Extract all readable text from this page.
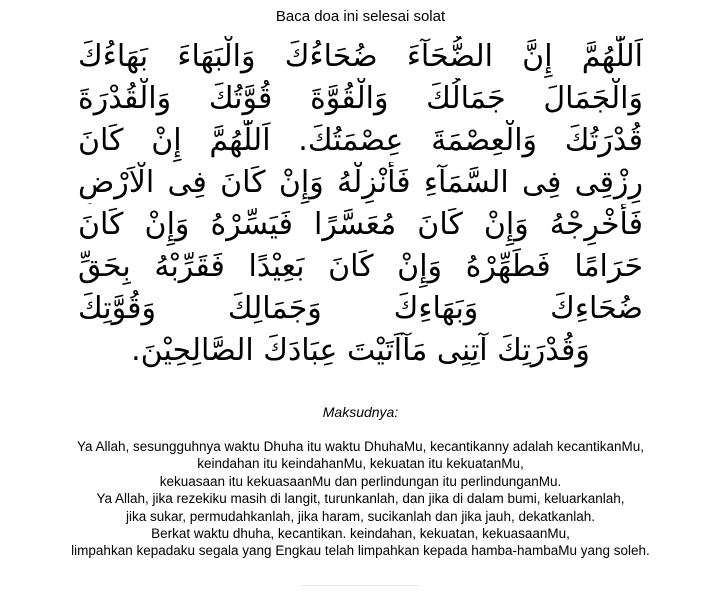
Baca doa ini selesai solat
اَللّٰهُمَّ إِنَّ الضُّحَآءَ ضُحَاءُكَ وَالْبَهَاءَ بَهَاءُكَ
وَالْجَمَالَ جَمَالُكَ وَالْقُوَّةَ قُوَّتُكَ وَالْقُدْرَةَ
قُدْرَتُكَ وَالْعِصْمَةَ عِصْمَتُكَ. اَللّٰهُمَّ إِنْ كَانَ
رِزْقِى فِى السَّمَآءِ فَأَنْزِلْهُ وَإِنْ كَانَ فِى الْاَرْضِ
فَأَخْرِجْهُ وَإِنْ كَانَ مُعَسَّرًا فَيَسِّرْهُ وَإِنْ كَانَ
حَرَامًا فَطَهِّرْهُ وَإِنْ كَانَ بَعِيْدًا فَقَرِّبْهُ بِحَقِّ
ضُحَاءِكَ وَبَهَاءِكَ وَجَمَالِكَ وَقُوَّتِكَ
وَقُدْرَتِكَ آتِنِى مَآاَتَيْتَ عِبَادَكَ الصَّالِحِيْنَ.
Maksudnya:
Ya Allah, sesungguhnya waktu Dhuha itu waktu DhuhaMu, kecantikanny adalah kecantikanMu,
keindahan itu keindahanMu, kekuatan itu kekuatanMu,
kekuasaan itu kekuasaanMu dan perlindungan itu perlindunganMu.
Ya Allah, jika rezekiku masih di langit, turunkanlah, dan jika di dalam bumi, keluarkanlah,
jika sukar, permudahkanlah, jika haram, sucikanlah dan jika jauh, dekatkanlah.
Berkat waktu dhuha, kecantikan. keindahan, kekuatan, kekuasaanMu,
limpahkan kepadaku segala yang Engkau telah limpahkan kepada hamba-hambaMu yang soleh.
